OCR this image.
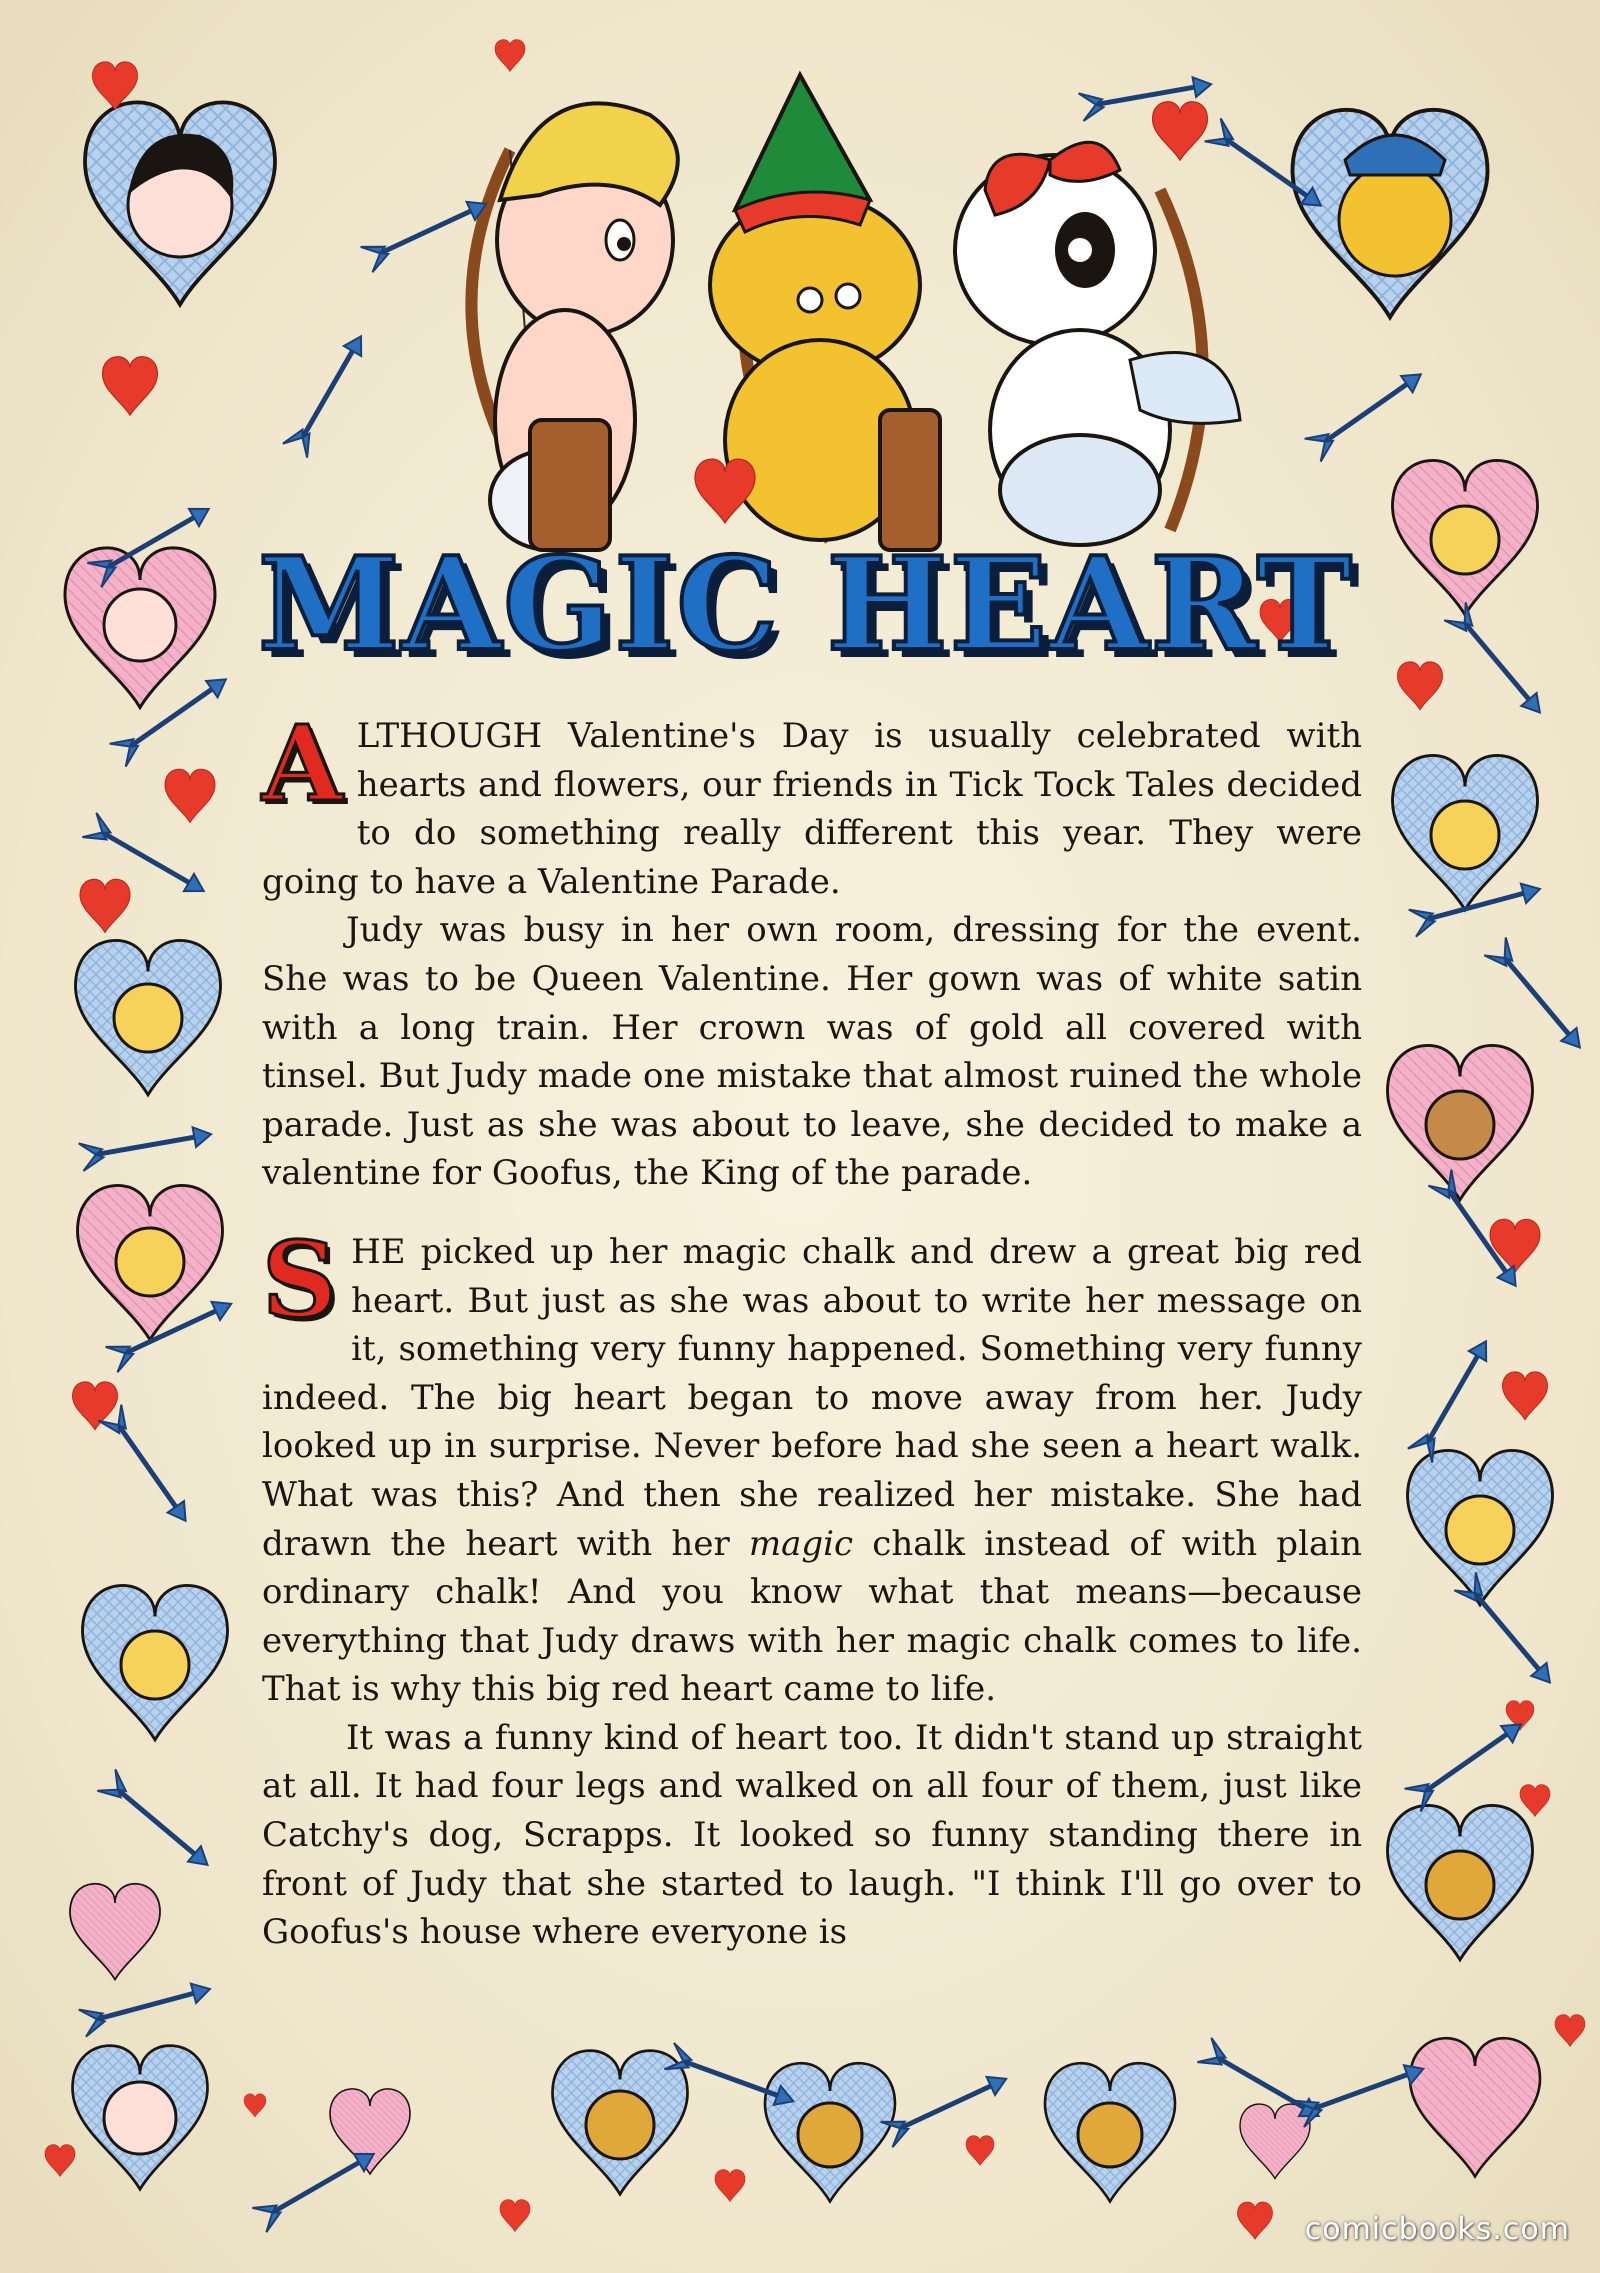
MAGIC HEART

ALTHOUGH Valentine's Day is usually celebrated with hearts and flowers, our friends in Tick Tock Tales decided to do something really different this year. They were going to have a Valentine Parade.

Judy was busy in her own room, dressing for the event. She was to be Queen Valentine. Her gown was of white satin with a long train. Her crown was of gold all covered with tinsel. But Judy made one mistake that almost ruined the whole parade. Just as she was about to leave, she decided to make a valentine for Goofus, the King of the parade.

SHE picked up her magic chalk and drew a great big red heart. But just as she was about to write her message on it, something very funny happened. Something very funny indeed. The big heart began to move away from her. Judy looked up in surprise. Never before had she seen a heart walk. What was this? And then she realized her mistake. She had drawn the heart with her magic chalk instead of with plain ordinary chalk! And you know what that means—because everything that Judy draws with her magic chalk comes to life. That is why this big red heart came to life.

It was a funny kind of heart too. It didn't stand up straight at all. It had four legs and walked on all four of them, just like Catchy's dog, Scrapps. It looked so funny standing there in front of Judy that she started to laugh. "I think I'll go over to Goofus's house where everyone is

comicbooks.com
